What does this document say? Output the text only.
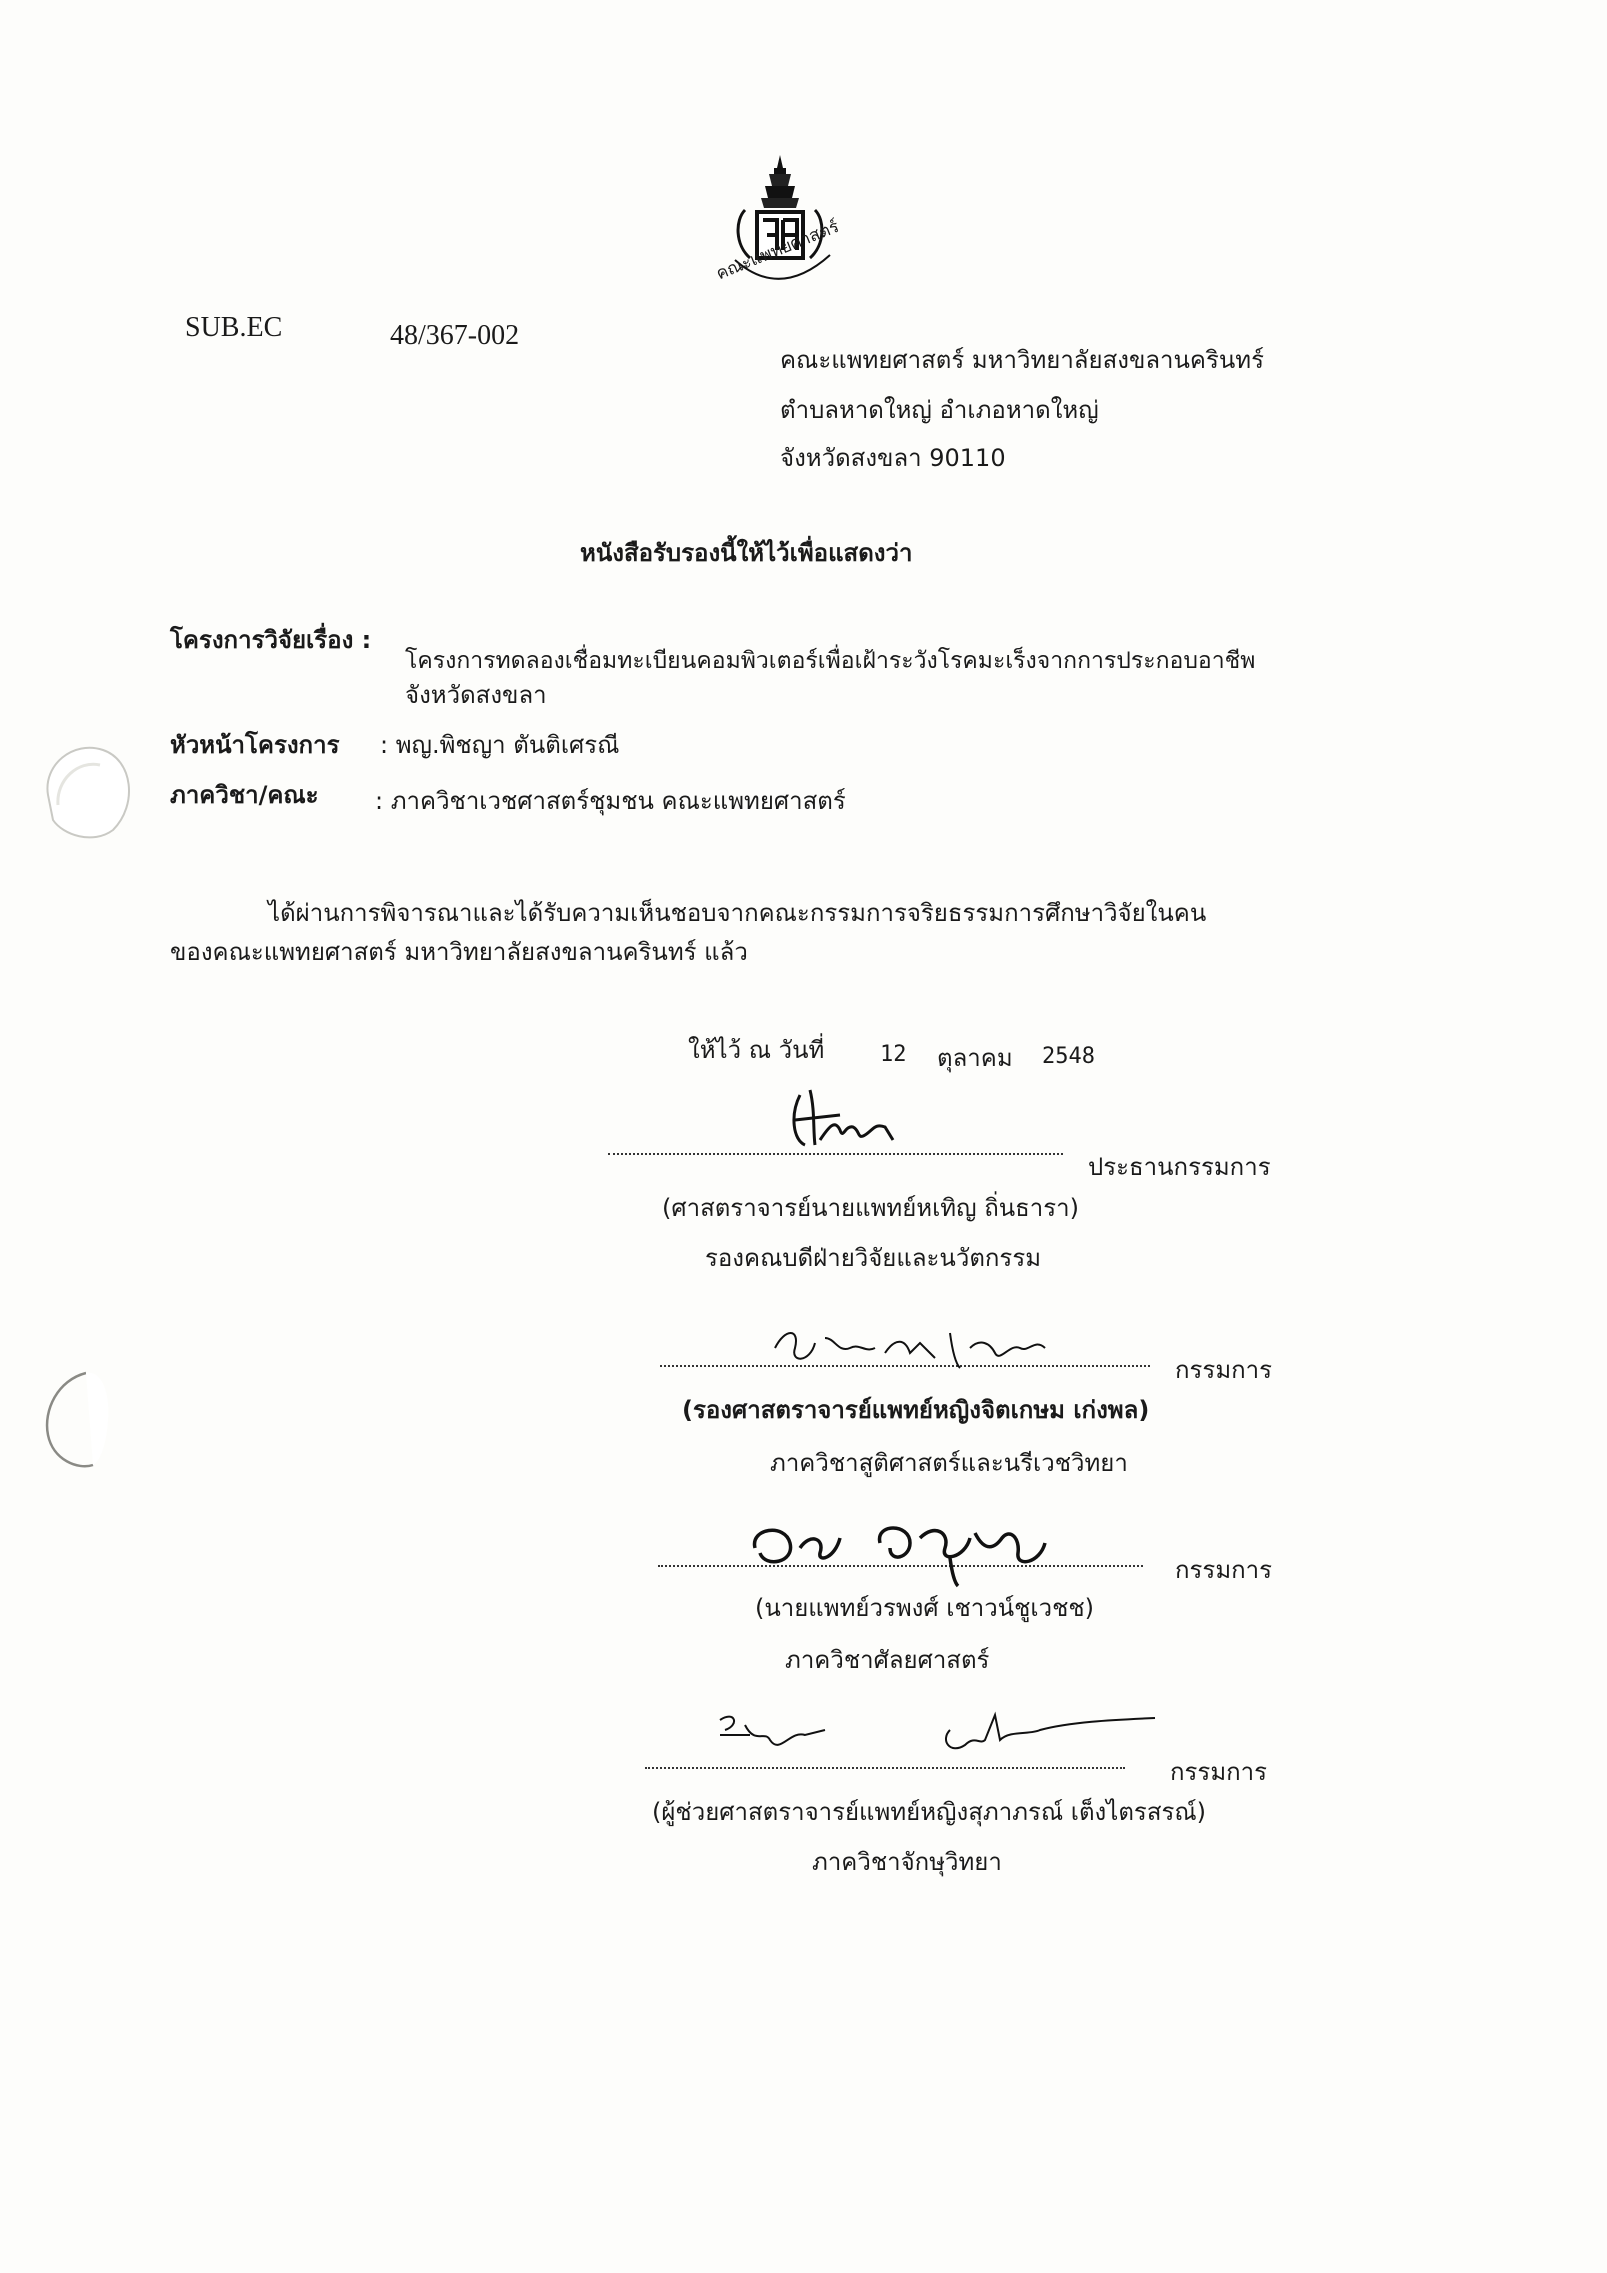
คณะแพทยศาสตร์
SUB.EC	48/367-002
คณะแพทยศาสตร์ มหาวิทยาลัยสงขลานครินทร์
ตำบลหาดใหญ่ อำเภอหาดใหญ่
จังหวัดสงขลา 90110
หนังสือรับรองนี้ให้ไว้เพื่อแสดงว่า
โครงการวิจัยเรื่อง :
โครงการทดลองเชื่อมทะเบียนคอมพิวเตอร์เพื่อเฝ้าระวังโรคมะเร็งจากการประกอบอาชีพ
จังหวัดสงขลา
หัวหน้าโครงการ : พญ.พิชญา ตันติเศรณี
ภาควิชา/คณะ : ภาควิชาเวชศาสตร์ชุมชน คณะแพทยศาสตร์
ได้ผ่านการพิจารณาและได้รับความเห็นชอบจากคณะกรรมการจริยธรรมการศึกษาวิจัยในคน
ของคณะแพทยศาสตร์ มหาวิทยาลัยสงขลานครินทร์ แล้ว
ให้ไว้ ณ วันที่	12 ตุลาคม 2548
ประธานกรรมการ
(ศาสตราจารย์นายแพทย์หเทิญ ถิ่นธารา)
รองคณบดีฝ่ายวิจัยและนวัตกรรม
กรรมการ
(รองศาสตราจารย์แพทย์หญิงจิตเกษม เก่งพล)
ภาควิชาสูติศาสตร์และนรีเวชวิทยา
กรรมการ
(นายแพทย์วรพงศ์ เชาวน์ชูเวชช)
ภาควิชาศัลยศาสตร์
กรรมการ
(ผู้ช่วยศาสตราจารย์แพทย์หญิงสุภาภรณ์ เต็งไตรสรณ์)
ภาควิชาจักษุวิทยา
